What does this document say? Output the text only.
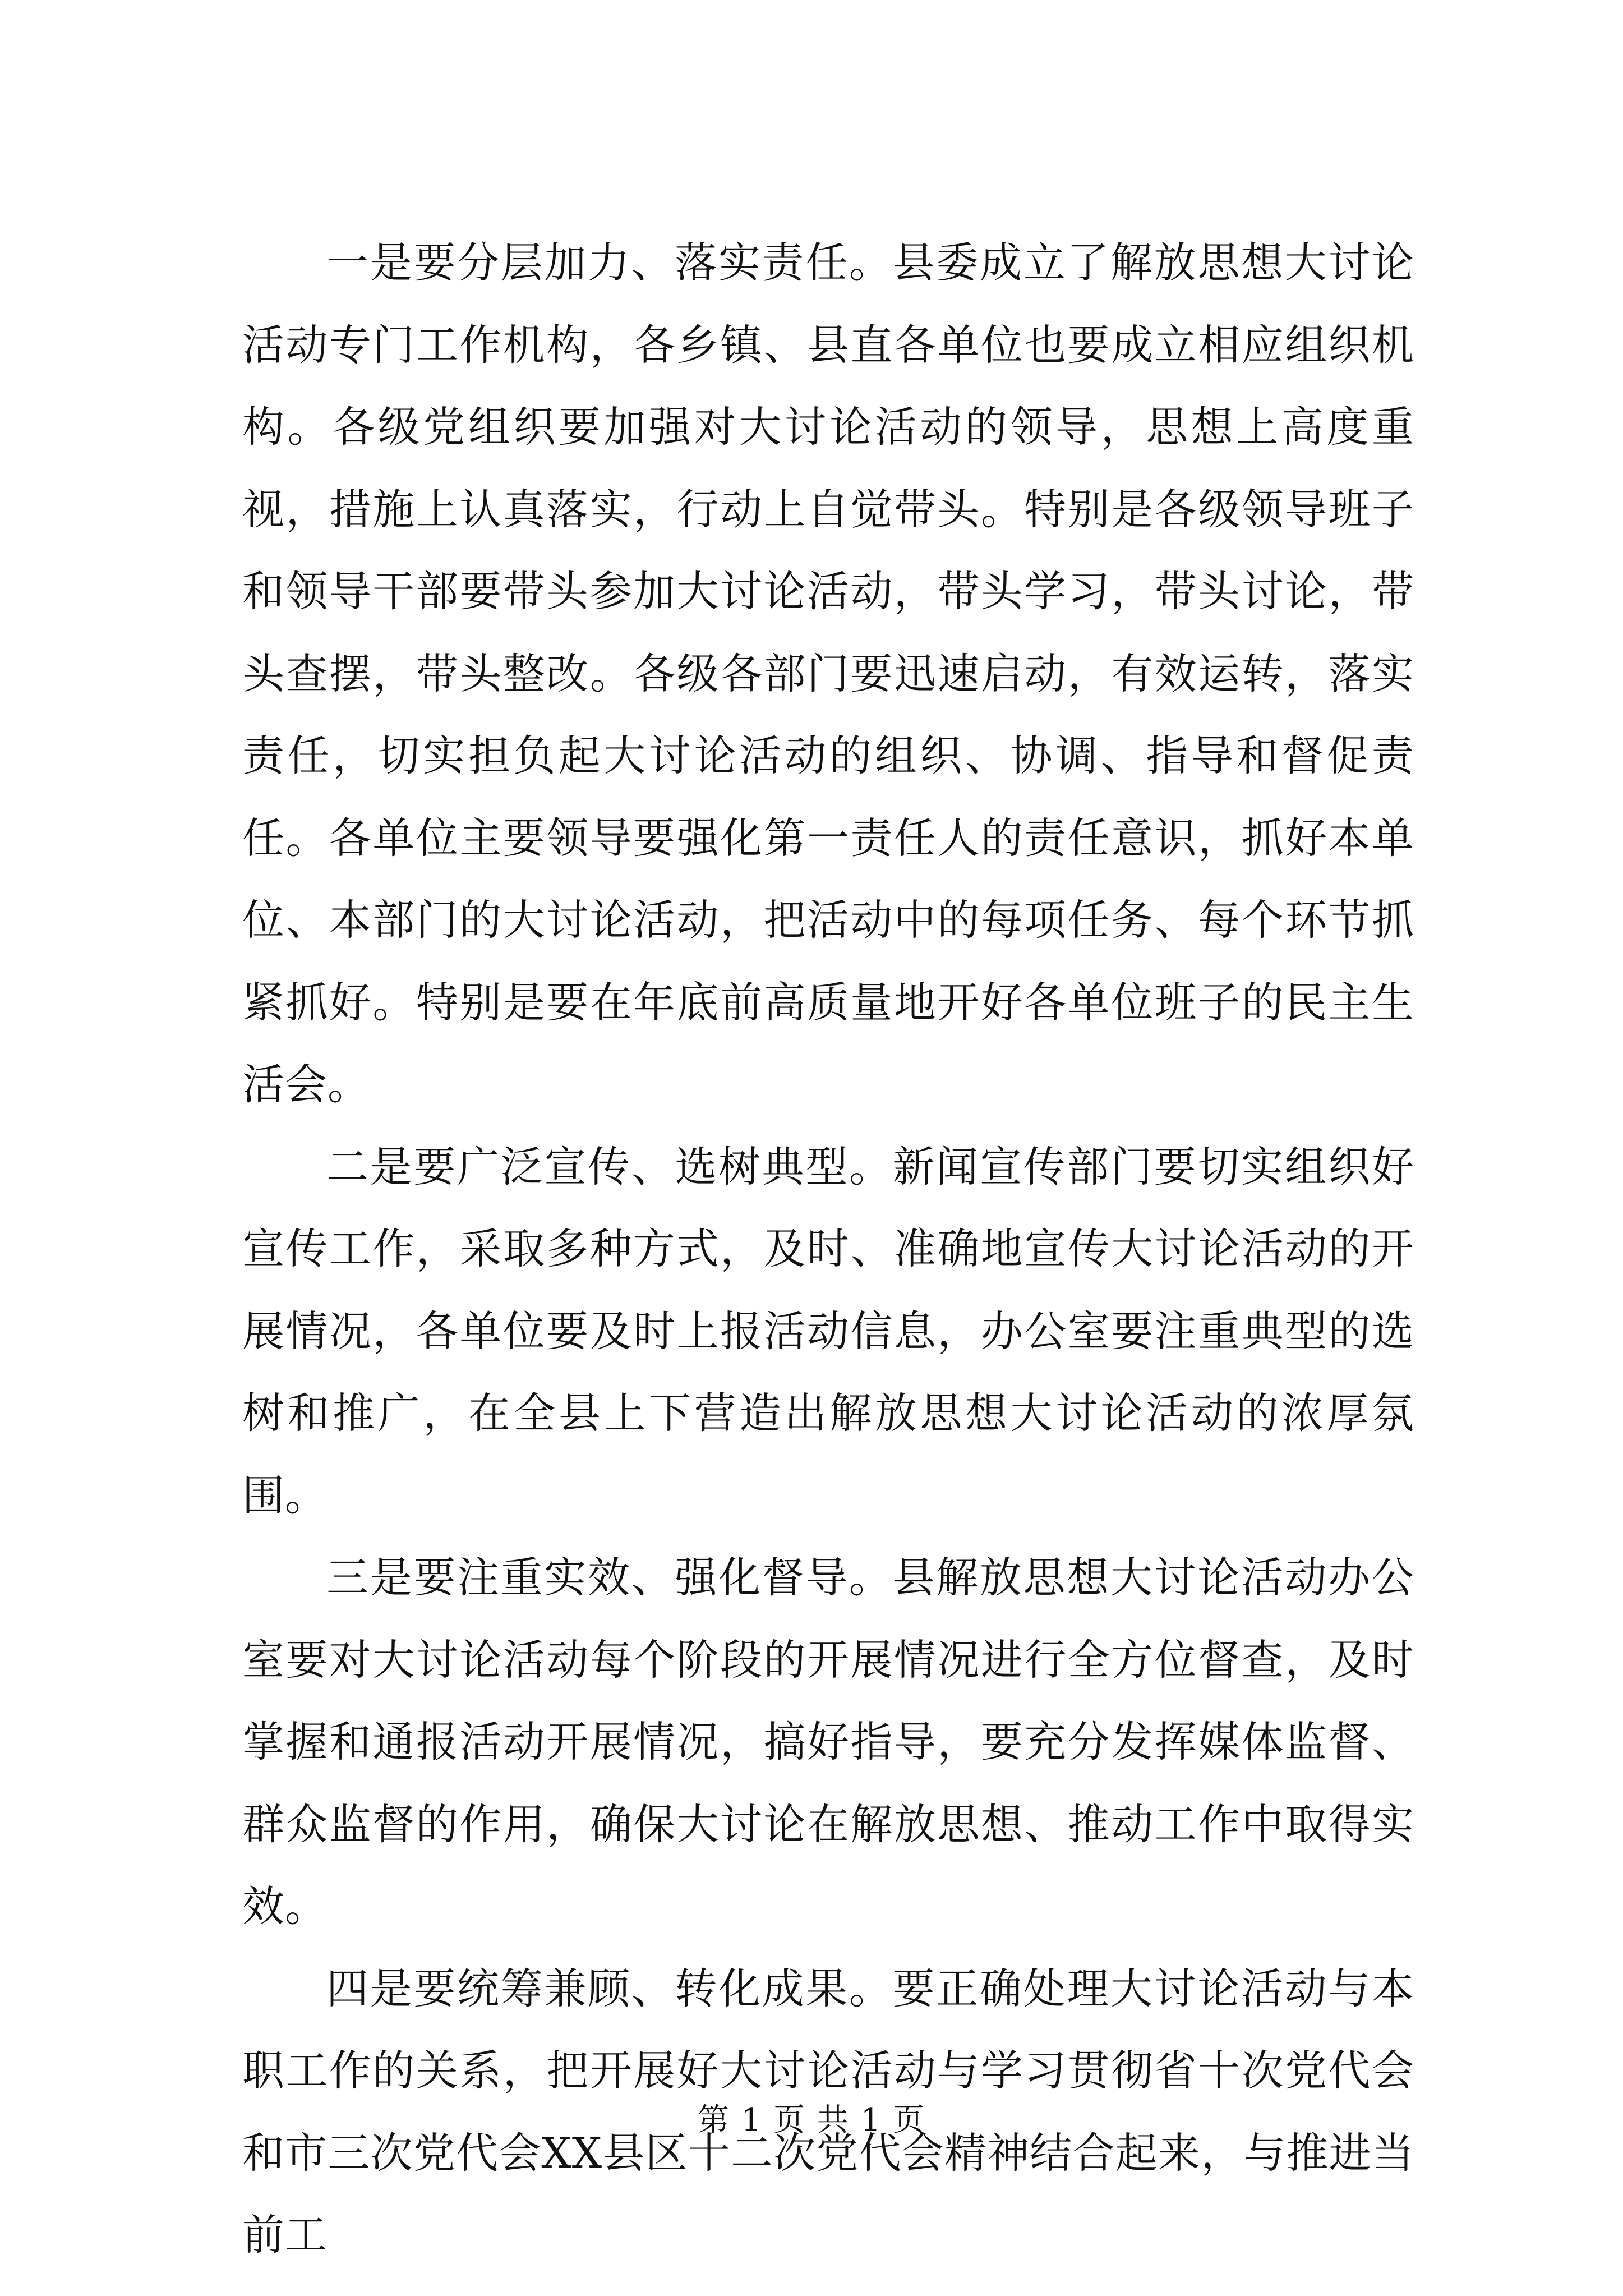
一是要分层加力、落实责任。县委成立了解放思想大讨论活动专门工作机构，各乡镇、县直各单位也要成立相应组织机构。各级党组织要加强对大讨论活动的领导，思想上高度重视，措施上认真落实，行动上自觉带头。特别是各级领导班子和领导干部要带头参加大讨论活动，带头学习，带头讨论，带头查摆，带头整改。各级各部门要迅速启动，有效运转，落实责任，切实担负起大讨论活动的组织、协调、指导和督促责任。各单位主要领导要强化第一责任人的责任意识，抓好本单位、本部门的大讨论活动，把活动中的每项任务、每个环节抓紧抓好。特别是要在年底前高质量地开好各单位班子的民主生活会。

二是要广泛宣传、选树典型。新闻宣传部门要切实组织好宣传工作，采取多种方式，及时、准确地宣传大讨论活动的开展情况，各单位要及时上报活动信息，办公室要注重典型的选树和推广，在全县上下营造出解放思想大讨论活动的浓厚氛围。

三是要注重实效、强化督导。县解放思想大讨论活动办公室要对大讨论活动每个阶段的开展情况进行全方位督查，及时掌握和通报活动开展情况，搞好指导，要充分发挥媒体监督、群众监督的作用，确保大讨论在解放思想、推动工作中取得实效。

四是要统筹兼顾、转化成果。要正确处理大讨论活动与本职工作的关系，把开展好大讨论活动与学习贯彻省十次党代会和市三次党代会XX县区十二次党代会精神结合起来，与推进当前工

第 1 页 共 1 页
